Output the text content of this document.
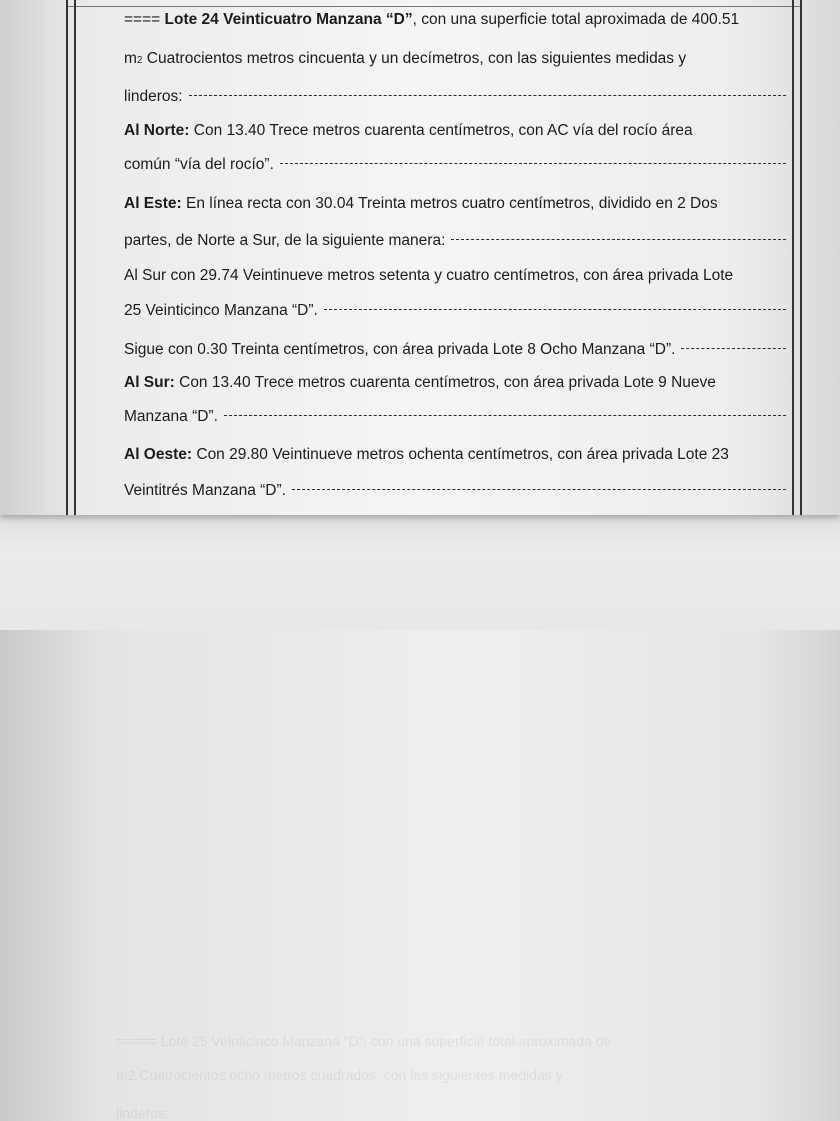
===== Lote 25 Veinticinco Manzana “D”, con una superficie total aproximada de
m2 Cuatrocientos ocho metros cuadrados, con las siguientes medidas y
linderos:
====
Lote 24 Veinticuatro Manzana “D” , con una superficie total aproximada de 400.51
m 2 Cuatrocientos metros cincuenta y un decímetros, con las siguientes medidas y
linderos:
Al Norte: Con 13.40 Trece metros cuarenta centímetros, con AC vía del rocío área
común “vía del rocío”.
Al Este: En línea recta con 30.04 Treinta metros cuatro centímetros, dividido en 2 Dos
partes, de Norte a Sur, de la siguiente manera:
Al Sur con 29.74 Veintinueve metros setenta y cuatro centímetros, con área privada Lote
25 Veinticinco Manzana “D”.
Sigue con 0.30 Treinta centímetros, con área privada Lote 8 Ocho Manzana “D”.
Al Sur: Con 13.40 Trece metros cuarenta centímetros, con área privada Lote 9 Nueve
Manzana “D”.
Al Oeste: Con 29.80 Veintinueve metros ochenta centímetros, con área privada Lote 23
Veintitrés Manzana “D”.
